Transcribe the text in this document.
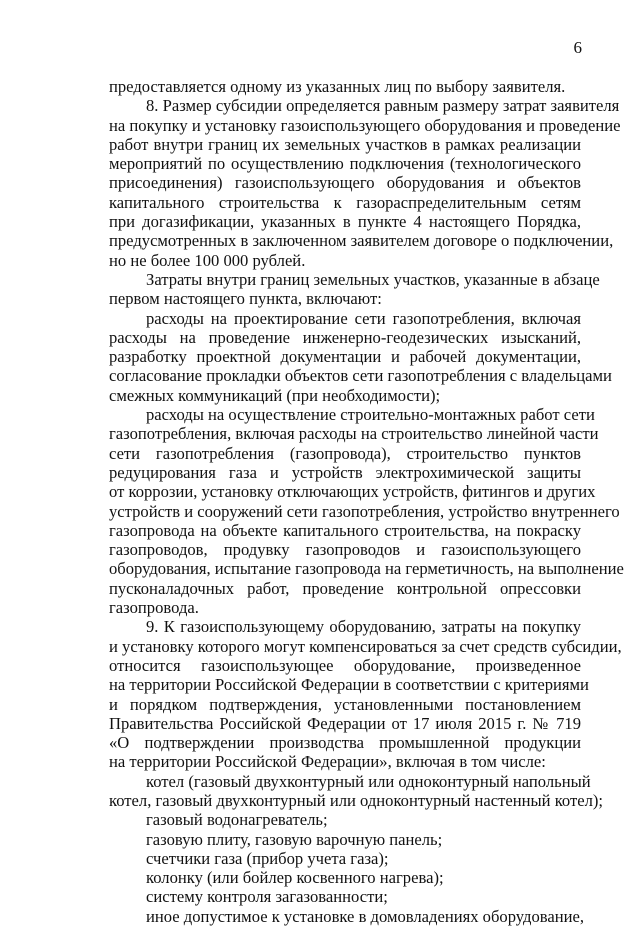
6
предоставляется одному из указанных лиц по выбору заявителя.
8. Размер субсидии определяется равным размеру затрат заявителя
на покупку и установку газоиспользующего оборудования и проведение
работ внутри границ их земельных участков в рамках реализации
мероприятий по осуществлению подключения (технологического
присоединения) газоиспользующего оборудования и объектов
капитального строительства к газораспределительным сетям
при догазификации, указанных в пункте 4 настоящего Порядка,
предусмотренных в заключенном заявителем договоре о подключении,
но не более 100 000 рублей.
Затраты внутри границ земельных участков, указанные в абзаце
первом настоящего пункта, включают:
расходы на проектирование сети газопотребления, включая
расходы на проведение инженерно-геодезических изысканий,
разработку проектной документации и рабочей документации,
согласование прокладки объектов сети газопотребления с владельцами
смежных коммуникаций (при необходимости);
расходы на осуществление строительно-монтажных работ сети
газопотребления, включая расходы на строительство линейной части
сети газопотребления (газопровода), строительство пунктов
редуцирования газа и устройств электрохимической защиты
от коррозии, установку отключающих устройств, фитингов и других
устройств и сооружений сети газопотребления, устройство внутреннего
газопровода на объекте капитального строительства, на покраску
газопроводов, продувку газопроводов и газоиспользующего
оборудования, испытание газопровода на герметичность, на выполнение
пусконаладочных работ, проведение контрольной опрессовки
газопровода.
9. К газоиспользующему оборудованию, затраты на покупку
и установку которого могут компенсироваться за счет средств субсидии,
относится газоиспользующее оборудование, произведенное
на территории Российской Федерации в соответствии с критериями
и порядком подтверждения, установленными постановлением
Правительства Российской Федерации от 17 июля 2015 г. № 719
«О подтверждении производства промышленной продукции
на территории Российской Федерации», включая в том числе:
котел (газовый двухконтурный или одноконтурный напольный
котел, газовый двухконтурный или одноконтурный настенный котел);
газовый водонагреватель;
газовую плиту, газовую варочную панель;
счетчики газа (прибор учета газа);
колонку (или бойлер косвенного нагрева);
систему контроля загазованности;
иное допустимое к установке в домовладениях оборудование,
